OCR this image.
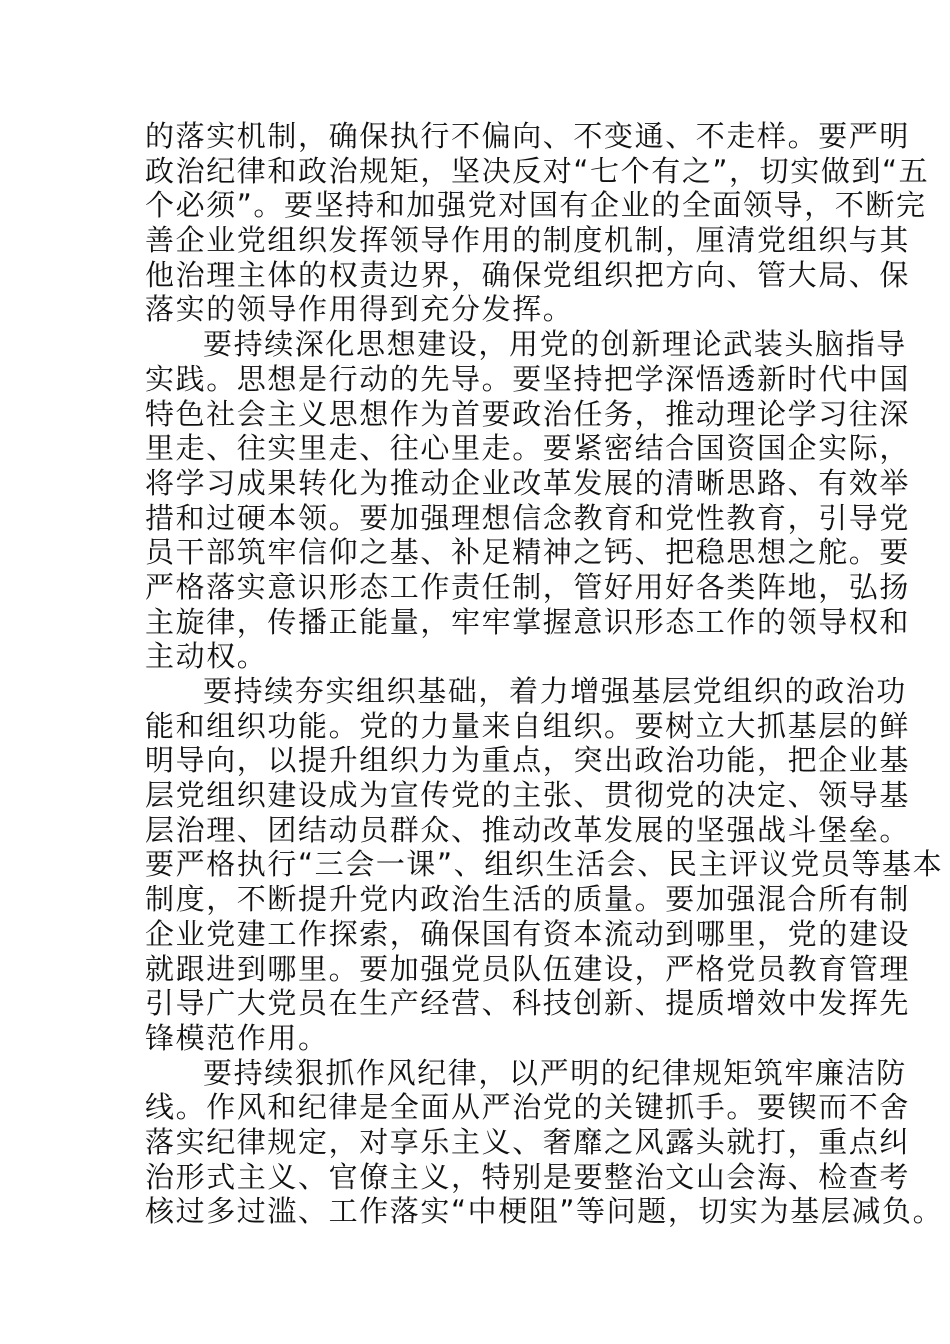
的落实机制，确保执行不偏向、不变通、不走样。要严明
政治纪律和政治规矩，坚决反对“七个有之”，切实做到“五
个必须”。要坚持和加强党对国有企业的全面领导，不断完
善企业党组织发挥领导作用的制度机制，厘清党组织与其
他治理主体的权责边界，确保党组织把方向、管大局、保
落实的领导作用得到充分发挥。
要持续深化思想建设，用党的创新理论武装头脑指导
实践。思想是行动的先导。要坚持把学深悟透新时代中国
特色社会主义思想作为首要政治任务，推动理论学习往深
里走、往实里走、往心里走。要紧密结合国资国企实际，
将学习成果转化为推动企业改革发展的清晰思路、有效举
措和过硬本领。要加强理想信念教育和党性教育，引导党
员干部筑牢信仰之基、补足精神之钙、把稳思想之舵。要
严格落实意识形态工作责任制，管好用好各类阵地，弘扬
主旋律，传播正能量，牢牢掌握意识形态工作的领导权和
主动权。
要持续夯实组织基础，着力增强基层党组织的政治功
能和组织功能。党的力量来自组织。要树立大抓基层的鲜
明导向，以提升组织力为重点，突出政治功能，把企业基
层党组织建设成为宣传党的主张、贯彻党的决定、领导基
层治理、团结动员群众、推动改革发展的坚强战斗堡垒。
要严格执行“三会一课”、组织生活会、民主评议党员等基本
制度，不断提升党内政治生活的质量。要加强混合所有制
企业党建工作探索，确保国有资本流动到哪里，党的建设
就跟进到哪里。要加强党员队伍建设，严格党员教育管理
引导广大党员在生产经营、科技创新、提质增效中发挥先
锋模范作用。
要持续狠抓作风纪律，以严明的纪律规矩筑牢廉洁防
线。作风和纪律是全面从严治党的关键抓手。要锲而不舍
落实纪律规定，对享乐主义、奢靡之风露头就打，重点纠
治形式主义、官僚主义，特别是要整治文山会海、检查考
核过多过滥、工作落实“中梗阻”等问题，切实为基层减负。
